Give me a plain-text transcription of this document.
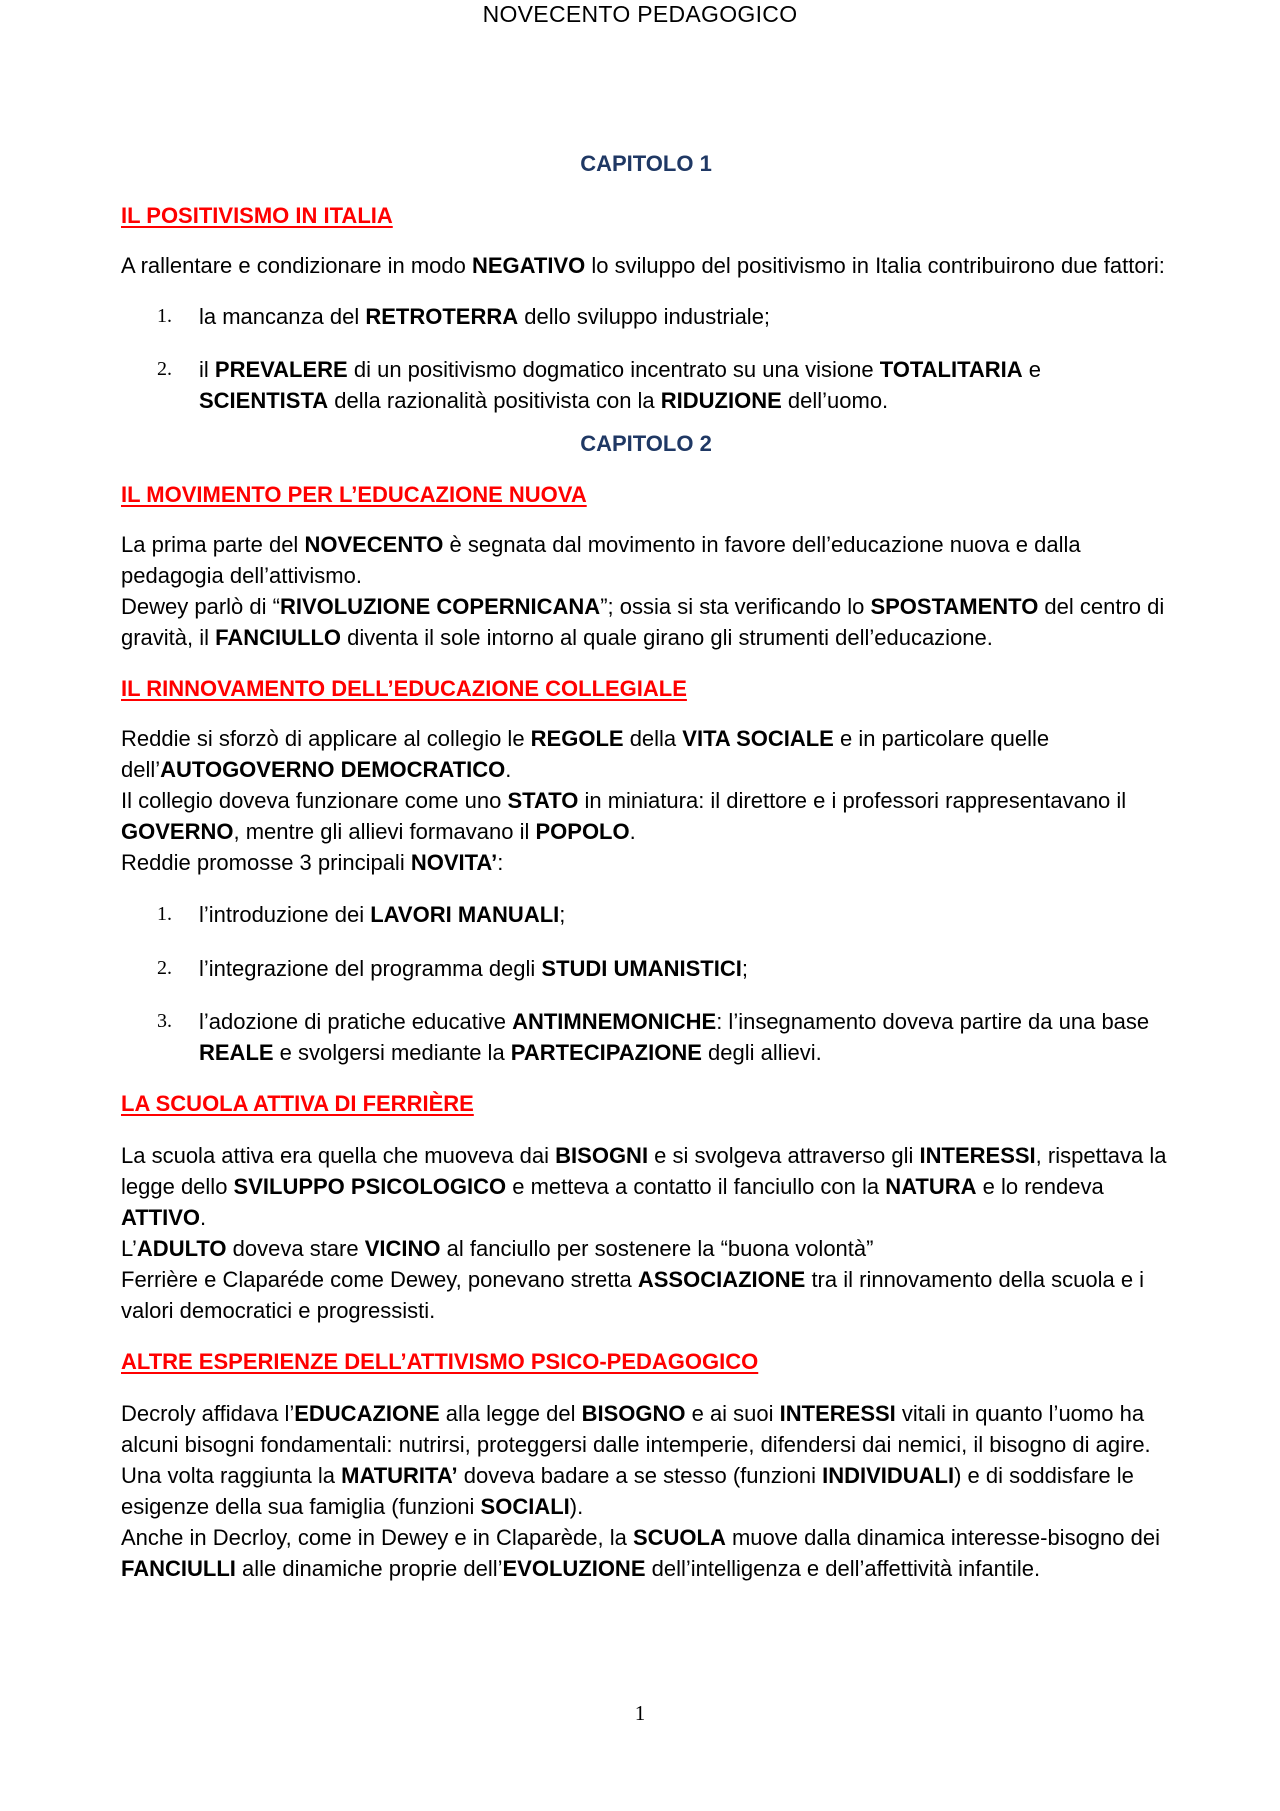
NOVECENTO PEDAGOGICO
CAPITOLO 1
IL POSITIVISMO IN ITALIA

A rallentare e condizionare in modo NEGATIVO lo sviluppo del positivismo in Italia contribuirono due fattori:

1. la mancanza del RETROTERRA dello sviluppo industriale;
2. il PREVALERE di un positivismo dogmatico incentrato su una visione TOTALITARIA e SCIENTISTA della razionalità positivista con la RIDUZIONE dell’uomo.
CAPITOLO 2
IL MOVIMENTO PER L’EDUCAZIONE NUOVA

La prima parte del NOVECENTO è segnata dal movimento in favore dell’educazione nuova e dalla pedagogia dell’attivismo.

Dewey parlò di “RIVOLUZIONE COPERNICANA”; ossia si sta verificando lo SPOSTAMENTO del centro di gravità, il FANCIULLO diventa il sole intorno al quale girano gli strumenti dell’educazione.

IL RINNOVAMENTO DELL’EDUCAZIONE COLLEGIALE

Reddie si sforzò di applicare al collegio le REGOLE della VITA SOCIALE e in particolare quelle dell’AUTOGOVERNO DEMOCRATICO.

Il collegio doveva funzionare come uno STATO in miniatura: il direttore e i professori rappresentavano il GOVERNO, mentre gli allievi formavano il POPOLO.

Reddie promosse 3 principali NOVITA’:

1. l’introduzione dei LAVORI MANUALI;
2. l’integrazione del programma degli STUDI UMANISTICI;
3. l’adozione di pratiche educative ANTIMNEMONICHE: l’insegnamento doveva partire da una base REALE e svolgersi mediante la PARTECIPAZIONE degli allievi.
LA SCUOLA ATTIVA DI FERRIÈRE

La scuola attiva era quella che muoveva dai BISOGNI e si svolgeva attraverso gli INTERESSI, rispettava la legge dello SVILUPPO PSICOLOGICO e metteva a contatto il fanciullo con la NATURA e lo rendeva ATTIVO.

L’ADULTO doveva stare VICINO al fanciullo per sostenere la “buona volontà”

Ferrière e Claparéde come Dewey, ponevano stretta ASSOCIAZIONE tra il rinnovamento della scuola e i valori democratici e progressisti.

ALTRE ESPERIENZE DELL’ATTIVISMO PSICO-PEDAGOGICO

Decroly affidava l’EDUCAZIONE alla legge del BISOGNO e ai suoi INTERESSI vitali in quanto l’uomo ha alcuni bisogni fondamentali: nutrirsi, proteggersi dalle intemperie, difendersi dai nemici, il bisogno di agire.

Una volta raggiunta la MATURITA’ doveva badare a se stesso (funzioni INDIVIDUALI) e di soddisfare le esigenze della sua famiglia (funzioni SOCIALI).

Anche in Decrloy, come in Dewey e in Claparède, la SCUOLA muove dalla dinamica interesse-bisogno dei FANCIULLI alle dinamiche proprie dell’EVOLUZIONE dell’intelligenza e dell’affettività infantile.

1
